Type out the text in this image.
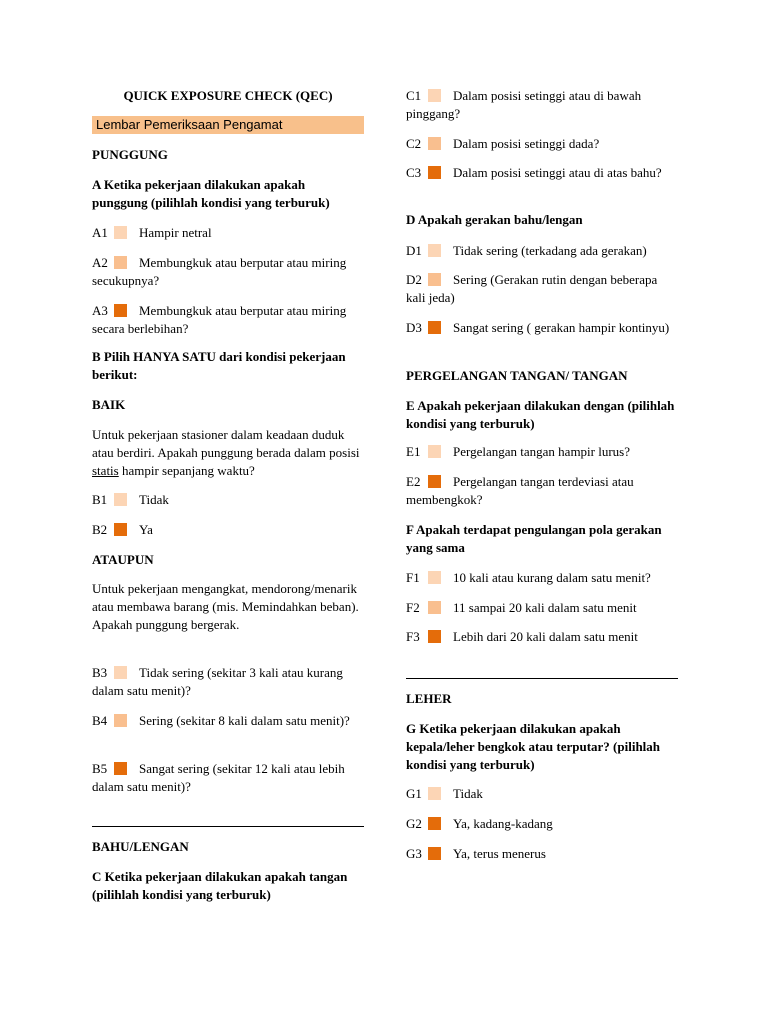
QUICK EXPOSURE CHECK (QEC)
Lembar Pemeriksaan Pengamat
PUNGGUNG
A Ketika pekerjaan dilakukan apakah punggung (pilihlah kondisi yang terburuk)
A1 Hampir netral
A2 Membungkuk atau berputar atau miring secukupnya?
A3 Membungkuk atau berputar atau miring secara berlebihan?
B Pilih HANYA SATU dari kondisi pekerjaan berikut:
BAIK
Untuk pekerjaan stasioner dalam keadaan duduk atau berdiri. Apakah punggung berada dalam posisi statis hampir sepanjang waktu?
B1 Tidak
B2 Ya
ATAUPUN
Untuk pekerjaan mengangkat, mendorong/menarik atau membawa barang (mis. Memindahkan beban). Apakah punggung bergerak.
B3 Tidak sering (sekitar 3 kali atau kurang dalam satu menit)?
B4 Sering (sekitar 8 kali dalam satu menit)?
B5 Sangat sering (sekitar 12 kali atau lebih dalam satu menit)?
BAHU/LENGAN
C Ketika pekerjaan dilakukan apakah tangan (pilihlah kondisi yang terburuk)
C1 Dalam posisi setinggi atau di bawah pinggang?
C2 Dalam posisi setinggi dada?
C3 Dalam posisi setinggi atau di atas bahu?
D Apakah gerakan bahu/lengan
D1 Tidak sering (terkadang ada gerakan)
D2 Sering (Gerakan rutin dengan beberapa kali jeda)
D3 Sangat sering ( gerakan hampir kontinyu)
PERGELANGAN TANGAN/ TANGAN
E Apakah pekerjaan dilakukan dengan (pilihlah kondisi yang terburuk)
E1	Pergelangan tangan hampir lurus?
E2	Pergelangan tangan terdeviasi atau membengkok?
F Apakah terdapat pengulangan pola gerakan yang sama
F1	10 kali atau kurang dalam satu menit?
F2	11 sampai 20 kali dalam satu menit
F3	Lebih dari 20 kali dalam satu menit
LEHER
G Ketika pekerjaan dilakukan apakah kepala/leher bengkok atau terputar? (pilihlah kondisi yang terburuk)
G1 Tidak
G2 Ya, kadang-kadang
G3 Ya, terus menerus
